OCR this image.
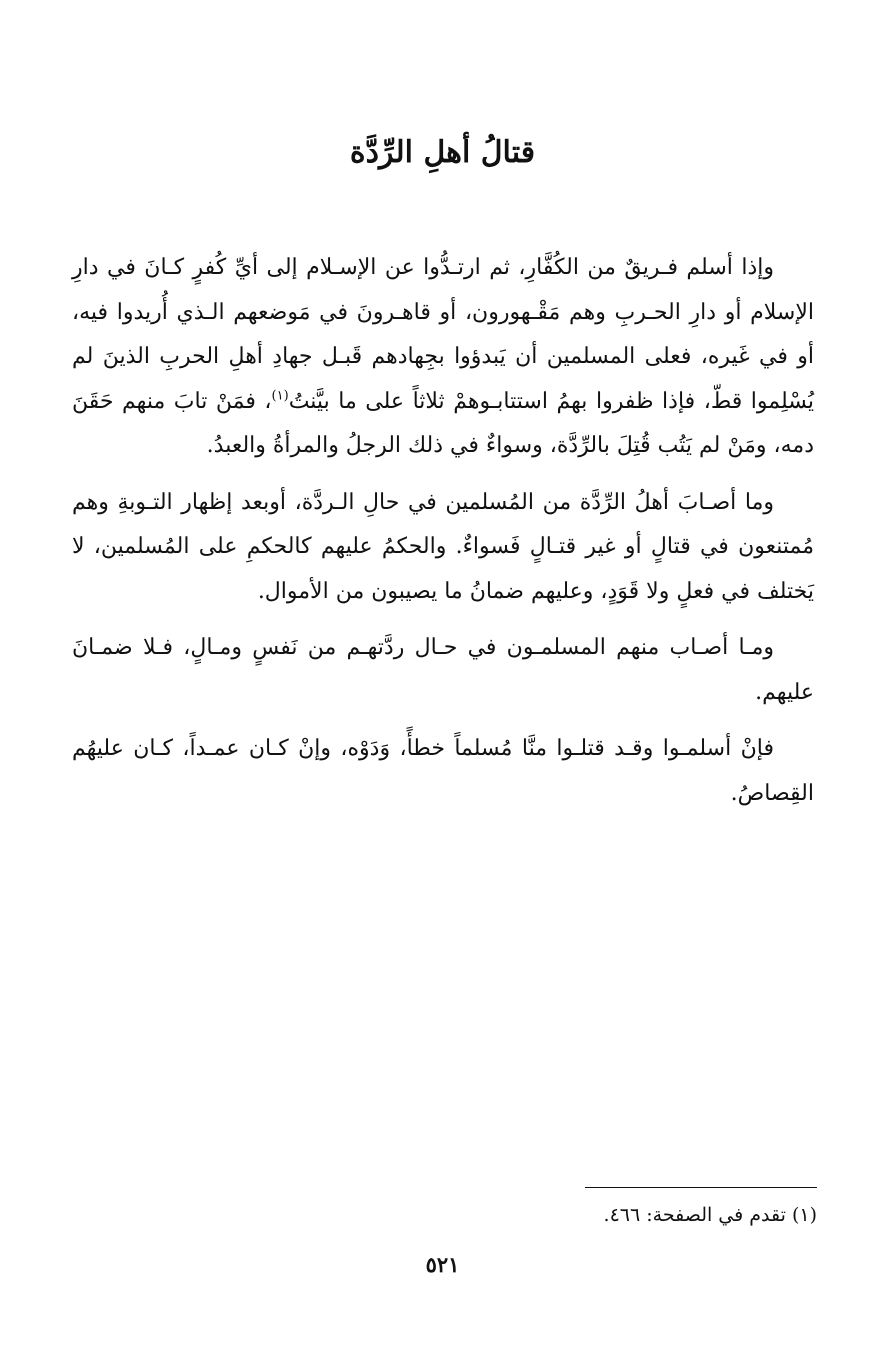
قتالُ أهلِ الرِّدَّة

وإذا أسلم فـريقٌ من الكُفَّارِ، ثم ارتـدُّوا عن الإسـلام إلى أيِّ كُفرٍ كـانَ في دارِ الإسلام أو دارِ الحـربِ وهم مَقْـهورون، أو قاهـرونَ في مَوضعهم الـذي أُريدوا فيه، أو في غَيره، فعلى المسلمين أن يَبدؤوا بجِهادهم قَبـل جهادِ أهلِ الحربِ الذينَ لم يُسْلِموا قطّ، فإذا ظفروا بهمُ استتابـوهمْ ثلاثاً على ما بيَّنتُ$^{(١)}$، فمَنْ تابَ منهم حَقَنَ دمه، ومَنْ لم يَتُب قُتِلَ بالرِّدَّة، وسواءٌ في ذلك الرجلُ والمرأةُ والعبدُ.

وما أصـابَ أهلُ الرِّدَّة من المُسلمين في حالِ الـردَّة، أوبعد إظهار التـوبةِ وهم مُمتنعون في قتالٍ أو غير قتـالٍ فَسواءٌ. والحكمُ عليهم كالحكمِ على المُسلمين، لا يَختلف في فعلٍ ولا قَوَدٍ، وعليهم ضمانُ ما يصيبون من الأموال.

ومـا أصـاب منهم المسلمـون في حـال ردَّتهـم من نَفسٍ ومـالٍ، فـلا ضمـانَ عليهم.

فإنْ أسلمـوا وقـد قتلـوا منَّا مُسلماً خطأً، وَدَوْه، وإنْ كـان عمـداً، كـان عليهُم القِصاصُ.

(١) تقدم في الصفحة: ٤٦٦.
٥٢١
